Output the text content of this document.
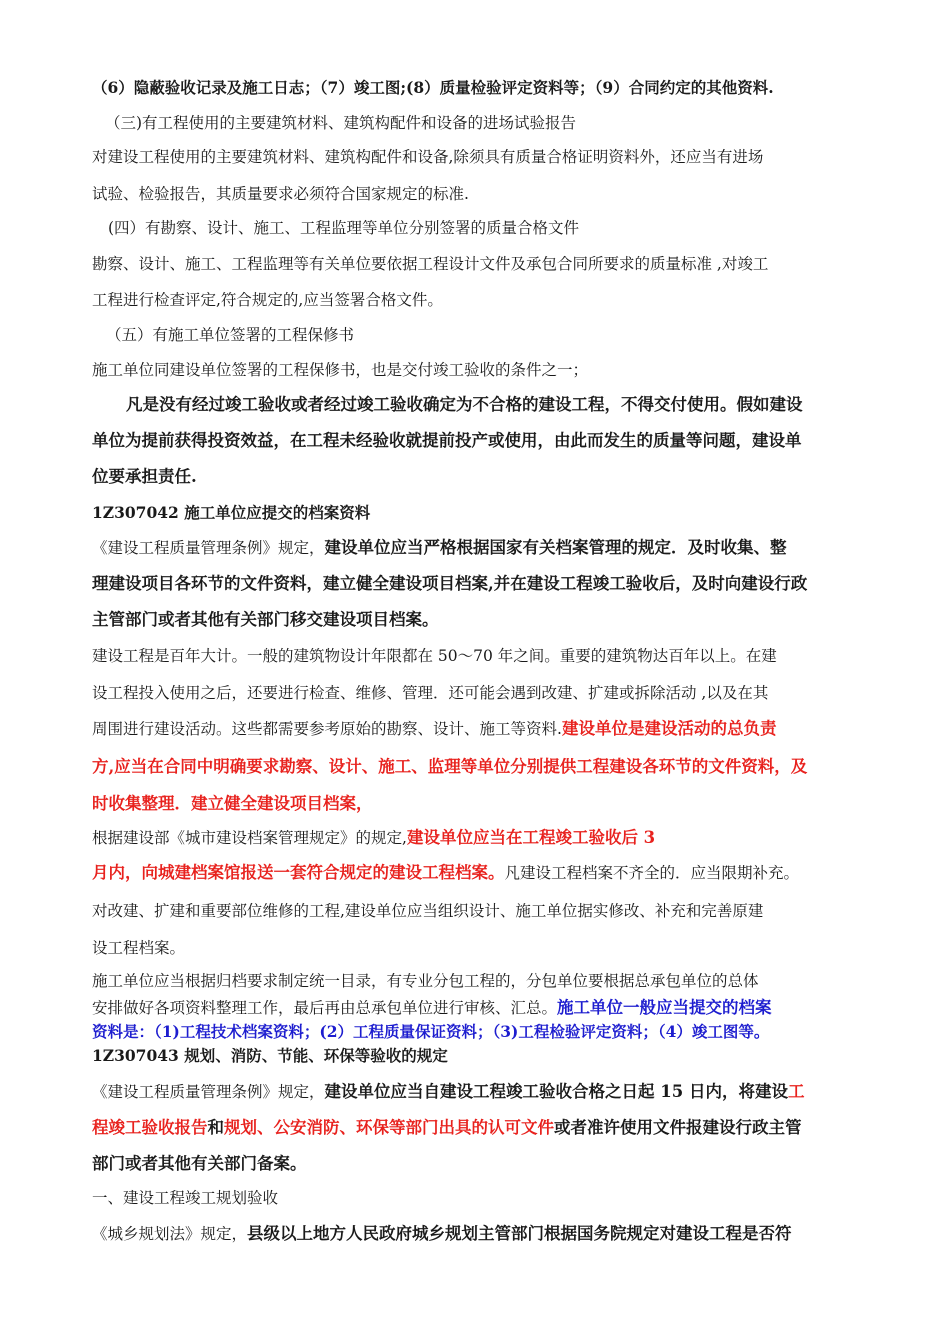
（6）隐蔽验收记录及施工日志；（7）竣工图;(8）质量检验评定资料等；（9）合同约定的其他资料.
（三)有工程使用的主要建筑材料、建筑构配件和设备的进场试验报告
对建设工程使用的主要建筑材料、建筑构配件和设备,除须具有质量合格证明资料外，还应当有进场
试验、检验报告，其质量要求必须符合国家规定的标准.
(四）有勘察、设计、施工、工程监理等单位分别签署的质量合格文件
勘察、设计、施工、工程监理等有关单位要依据工程设计文件及承包合同所要求的质量标准 ,对竣工
工程进行检查评定,符合规定的,应当签署合格文件。
（五）有施工单位签署的工程保修书
施工单位同建设单位签署的工程保修书，也是交付竣工验收的条件之一；
凡是没有经过竣工验收或者经过竣工验收确定为不合格的建设工程，不得交付使用。假如建设
单位为提前获得投资效益，在工程未经验收就提前投产或使用，由此而发生的质量等问题，建设单
位要承担责任.
1Z307042 施工单位应提交的档案资料
《建设工程质量管理条例》规定，建设单位应当严格根据国家有关档案管理的规定．及时收集、整
理建设项目各环节的文件资料，建立健全建设项目档案,并在建设工程竣工验收后，及时向建设行政
主管部门或者其他有关部门移交建设项目档案。
建设工程是百年大计。一般的建筑物设计年限都在 50～70 年之间。重要的建筑物达百年以上。在建
设工程投入使用之后，还要进行检查、维修、管理．还可能会遇到改建、扩建或拆除活动 ,以及在其
周围进行建设活动。这些都需要参考原始的勘察、设计、施工等资料.建设单位是建设活动的总负责
方,应当在合同中明确要求勘察、设计、施工、监理等单位分别提供工程建设各环节的文件资料，及
时收集整理．建立健全建设项目档案，
根据建设部《城市建设档案管理规定》的规定,建设单位应当在工程竣工验收后 3
月内，向城建档案馆报送一套符合规定的建设工程档案。凡建设工程档案不齐全的．应当限期补充。
对改建、扩建和重要部位维修的工程,建设单位应当组织设计、施工单位据实修改、补充和完善原建
设工程档案。
施工单位应当根据归档要求制定统一目录，有专业分包工程的，分包单位要根据总承包单位的总体
安排做好各项资料整理工作，最后再由总承包单位进行审核、汇总。施工单位一般应当提交的档案
资料是：（1)工程技术档案资料；(2）工程质量保证资料；（3)工程检验评定资料；（4）竣工图等。
1Z307043 规划、消防、节能、环保等验收的规定
《建设工程质量管理条例》规定，建设单位应当自建设工程竣工验收合格之日起 15 日内，将建设工
程竣工验收报告和规划、公安消防、环保等部门出具的认可文件或者准许使用文件报建设行政主管
部门或者其他有关部门备案。
一、建设工程竣工规划验收
《城乡规划法》规定，县级以上地方人民政府城乡规划主管部门根据国务院规定对建设工程是否符
